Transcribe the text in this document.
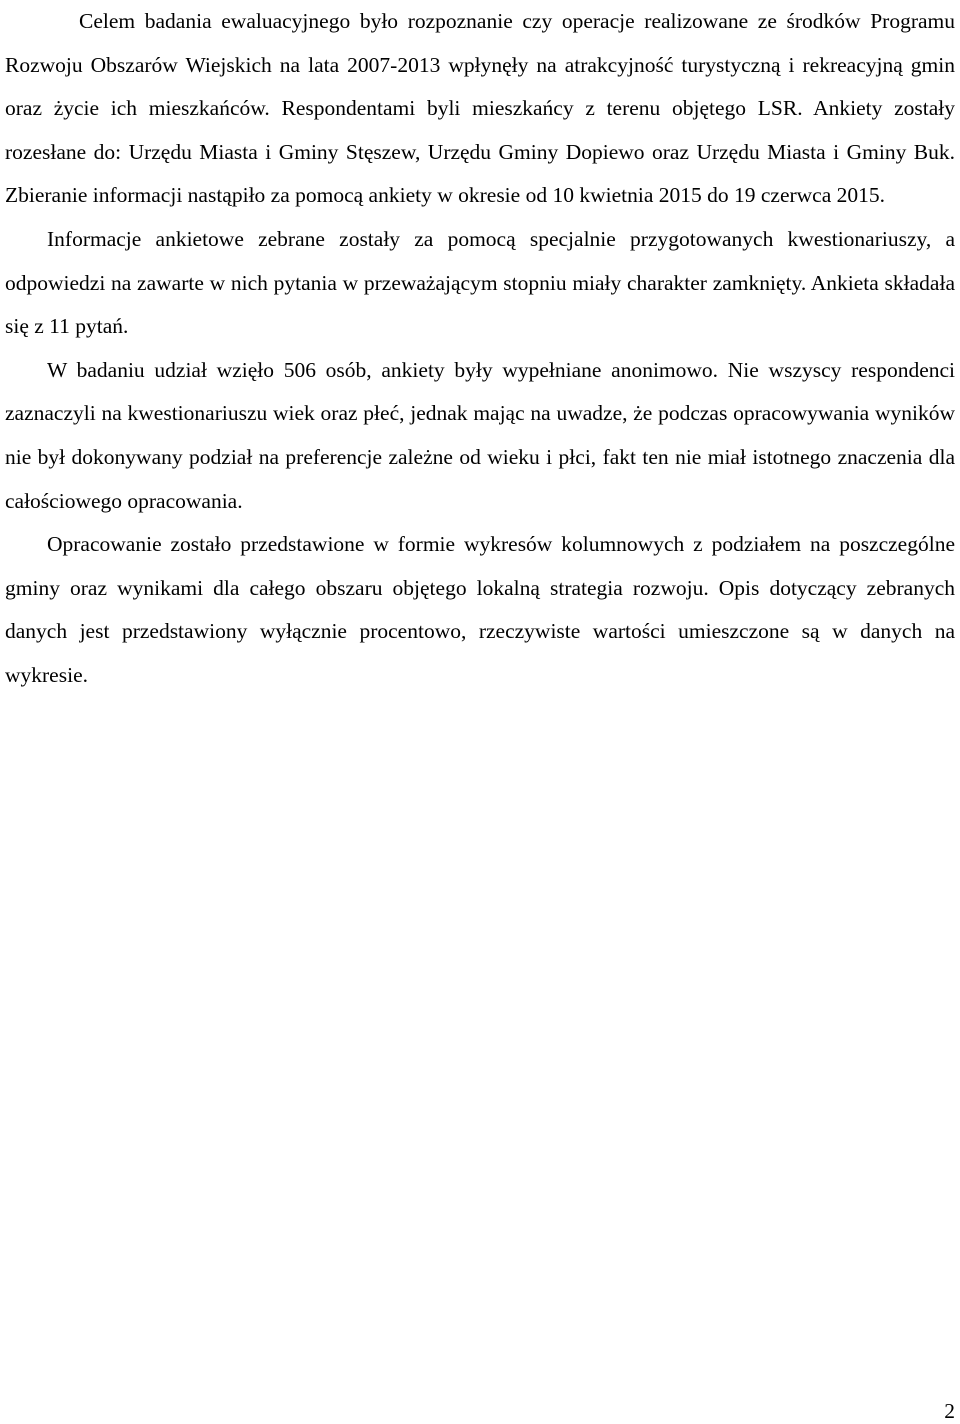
Celem badania ewaluacyjnego było rozpoznanie czy operacje realizowane ze środków Programu Rozwoju Obszarów Wiejskich na lata 2007-2013 wpłynęły na atrakcyjność turystyczną i rekreacyjną gmin oraz życie ich mieszkańców. Respondentami byli mieszkańcy z terenu objętego LSR. Ankiety zostały rozesłane do: Urzędu Miasta i Gminy Stęszew, Urzędu Gminy Dopiewo oraz Urzędu Miasta i Gminy Buk. Zbieranie informacji nastąpiło za pomocą ankiety w okresie od 10 kwietnia 2015 do 19 czerwca 2015.

Informacje ankietowe zebrane zostały za pomocą specjalnie przygotowanych kwestionariuszy, a odpowiedzi na zawarte w nich pytania w przeważającym stopniu miały charakter zamknięty. Ankieta składała się z 11 pytań.

W badaniu udział wzięło 506 osób, ankiety były wypełniane anonimowo. Nie wszyscy respondenci zaznaczyli na kwestionariuszu wiek oraz płeć, jednak mając na uwadze, że podczas opracowywania wyników nie był dokonywany podział na preferencje zależne od wieku i płci, fakt ten nie miał istotnego znaczenia dla całościowego opracowania.

Opracowanie zostało przedstawione w formie wykresów kolumnowych z podziałem na poszczególne gminy oraz wynikami dla całego obszaru objętego lokalną strategia rozwoju. Opis dotyczący zebranych danych jest przedstawiony wyłącznie procentowo, rzeczywiste wartości umieszczone są w danych na wykresie.

2
